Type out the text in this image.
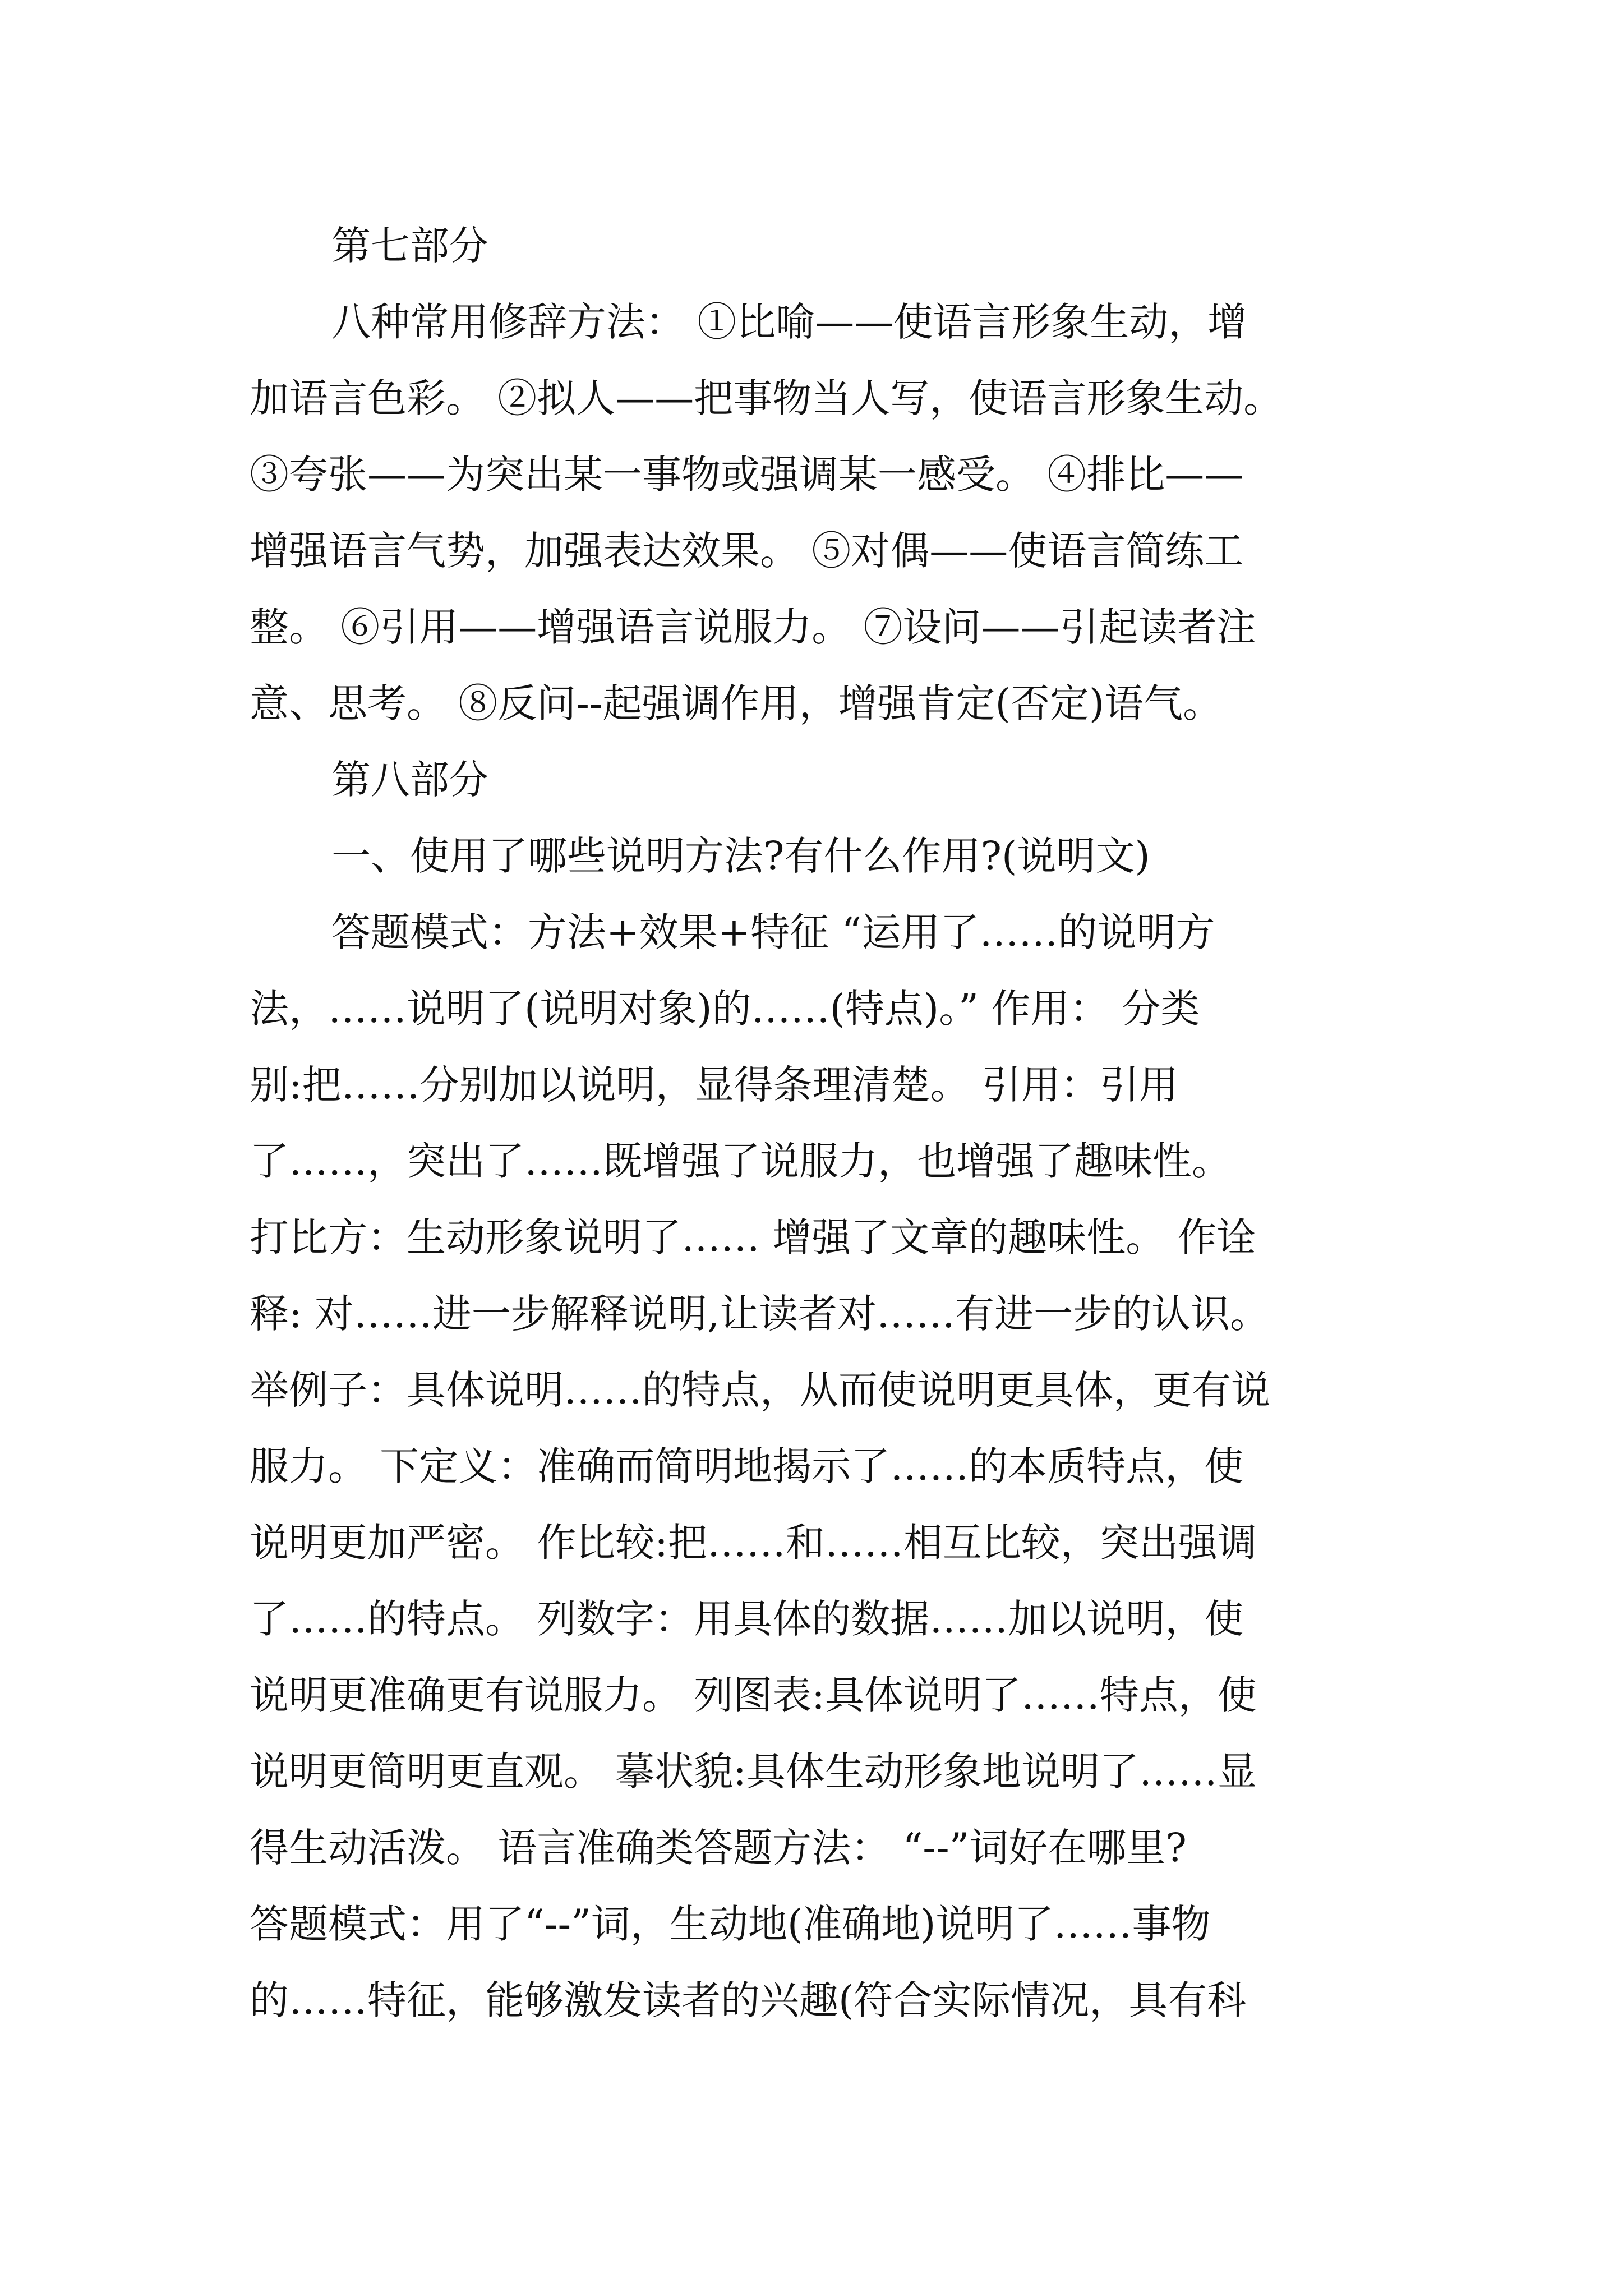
第七部分
八种常用修辞方法： ①比喻——使语言形象生动，增
加语言色彩。 ②拟人——把事物当人写，使语言形象生动。
③夸张——为突出某一事物或强调某一感受。 ④排比——
增强语言气势，加强表达效果。 ⑤对偶——使语言简练工
整。 ⑥引用——增强语言说服力。 ⑦设问——引起读者注
意、思考。 ⑧反问--起强调作用，增强肯定(否定)语气。
第八部分
一、使用了哪些说明方法?有什么作用?(说明文)
答题模式：方法+效果+特征 “运用了……的说明方
法，……说明了(说明对象)的……(特点)。” 作用： 分类
别:把……分别加以说明，显得条理清楚。 引用：引用
了……，突出了……既增强了说服力，也增强了趣味性。
打比方：生动形象说明了…… 增强了文章的趣味性。 作诠
释: 对……进一步解释说明,让读者对……有进一步的认识。
举例子：具体说明……的特点，从而使说明更具体，更有说
服力。 下定义：准确而简明地揭示了……的本质特点，使
说明更加严密。 作比较:把……和……相互比较，突出强调
了……的特点。 列数字：用具体的数据……加以说明，使
说明更准确更有说服力。 列图表:具体说明了……特点，使
说明更简明更直观。 摹状貌:具体生动形象地说明了……显
得生动活泼。 语言准确类答题方法： “--”词好在哪里?
答题模式：用了“--”词，生动地(准确地)说明了……事物
的……特征，能够激发读者的兴趣(符合实际情况，具有科
